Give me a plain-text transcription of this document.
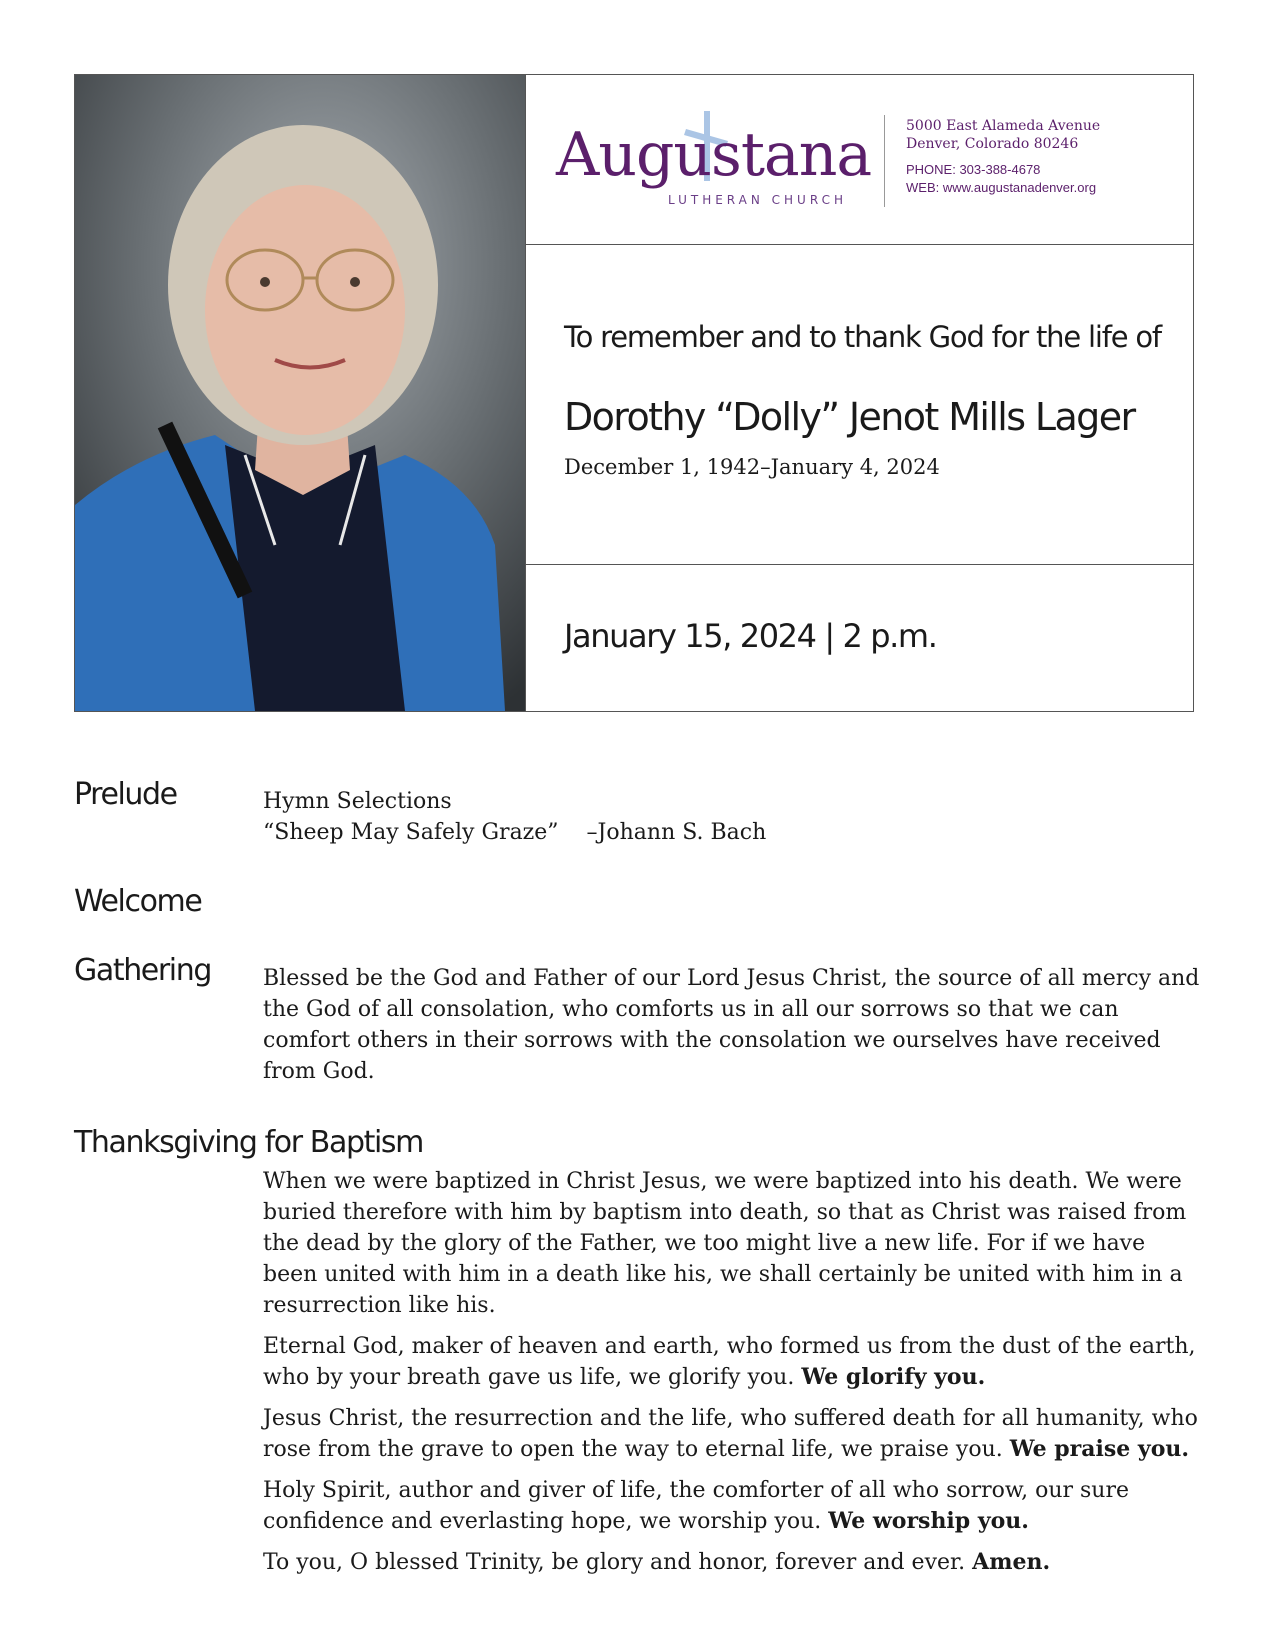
Augustana
LUTHERAN CHURCH
5000 East Alameda Avenue
Denver, Colorado 80246
PHONE: 303-388-4678
WEB: www.augustanadenver.org
To remember and to thank God for the life of
Dorothy “Dolly” Jenot Mills Lager
December 1, 1942–January 4, 2024
January 15, 2024 | 2 p.m.
Prelude	Hymn Selections
“Sheep May Safely Graze” –Johann S. Bach
Welcome
Gathering Blessed be the God and Father of our Lord Jesus Christ, the source of all mercy and the God of all consolation, who comforts us in all our sorrows so that we can comfort others in their sorrows with the consolation we ourselves have received from God.

Thanksgiving for Baptism

When we were baptized in Christ Jesus, we were baptized into his death. We were buried therefore with him by baptism into death, so that as Christ was raised from the dead by the glory of the Father, we too might live a new life. For if we have been united with him in a death like his, we shall certainly be united with him in a resurrection like his.

Eternal God, maker of heaven and earth, who formed us from the dust of the earth, who by your breath gave us life, we glorify you. We glorify you.

Jesus Christ, the resurrection and the life, who suffered death for all humanity, who rose from the grave to open the way to eternal life, we praise you. We praise you.

Holy Spirit, author and giver of life, the comforter of all who sorrow, our sure confidence and everlasting hope, we worship you. We worship you.

To you, O blessed Trinity, be glory and honor, forever and ever. Amen.
